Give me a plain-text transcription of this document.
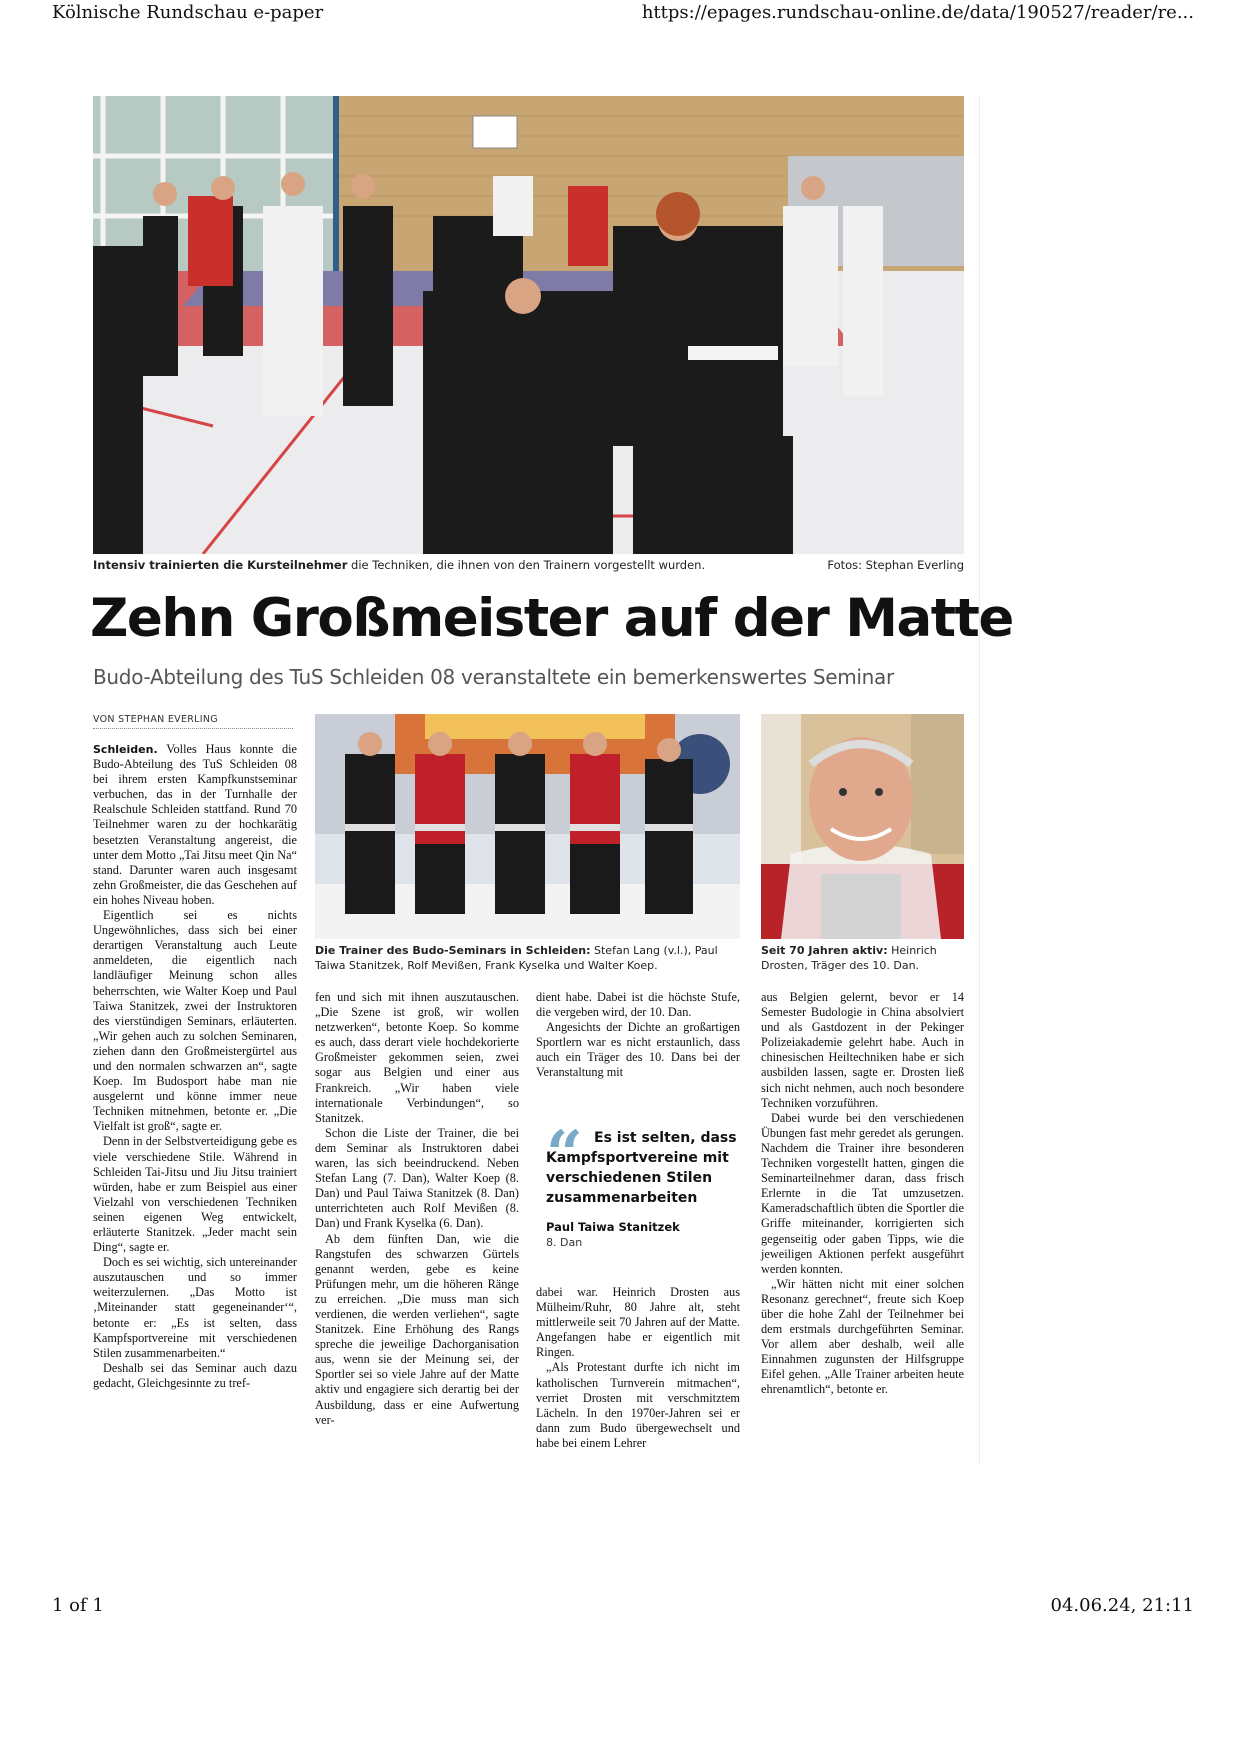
Kölnische Rundschau e-paper	https://epages.rundschau-online.de/data/190527/reader/re...
Intensiv trainierten die Kursteilnehmer die Techniken, die ihnen von den Trainern vorgestellt wurden.	Fotos: Stephan Everling
Zehn Großmeister auf der Matte
Budo-Abteilung des TuS Schleiden 08 veranstaltete ein bemerkenswertes Seminar
VON STEPHAN EVERLING

Schleiden. Volles Haus konnte die Budo-Abteilung des TuS Schleiden 08 bei ihrem ersten Kampfkunstseminar verbuchen, das in der Turnhalle der Realschule Schleiden stattfand. Rund 70 Teilnehmer waren zu der hochkarätig besetzten Veranstaltung angereist, die unter dem Motto „Tai Jitsu meet Qin Na“ stand. Darunter waren auch insgesamt zehn Großmeister, die das Geschehen auf ein hohes Niveau hoben.

Eigentlich sei es nichts Ungewöhnliches, dass sich bei einer derartigen Veranstaltung auch Leute anmeldeten, die eigentlich nach landläufiger Meinung schon alles beherrschten, wie Walter Koep und Paul Taiwa Stanitzek, zwei der Instruktoren des vierstündigen Seminars, erläuterten. „Wir gehen auch zu solchen Seminaren, ziehen dann den Großmeistergürtel aus und den normalen schwarzen an“, sagte Koep. Im Budosport habe man nie ausgelernt und könne immer neue Techniken mitnehmen, betonte er. „Die Vielfalt ist groß“, sagte er.

Denn in der Selbstverteidigung gebe es viele verschiedene Stile. Während in Schleiden Tai-Jitsu und Jiu Jitsu trainiert würden, habe er zum Beispiel aus einer Vielzahl von verschiedenen Techniken seinen eigenen Weg entwickelt, erläuterte Stanitzek. „Jeder macht sein Ding“, sagte er.

Doch es sei wichtig, sich untereinander auszutauschen und so immer weiterzulernen. „Das Motto ist ‚Miteinander statt gegeneinander‘“, betonte er: „Es ist selten, dass Kampfsportvereine mit verschiedenen Stilen zusammenarbeiten.“

Deshalb sei das Seminar auch dazu gedacht, Gleichgesinnte zu tref-

Die Trainer des Budo-Seminars in Schleiden: Stefan Lang (v.l.), Paul Taiwa Stanitzek, Rolf Mevißen, Frank Kyselka und Walter Koep.
Seit 70 Jahren aktiv: Heinrich Drosten, Träger des 10. Dan.

fen und sich mit ihnen auszutauschen. „Die Szene ist groß, wir wollen netzwerken“, betonte Koep. So komme es auch, dass derart viele hochdekorierte Großmeister gekommen seien, zwei sogar aus Belgien und einer aus Frankreich. „Wir haben viele internationale Verbindungen“, so Stanitzek.

Schon die Liste der Trainer, die bei dem Seminar als Instruktoren dabei waren, las sich beeindruckend. Neben Stefan Lang (7. Dan), Walter Koep (8. Dan) und Paul Taiwa Stanitzek (8. Dan) unterrichteten auch Rolf Mevißen (8. Dan) und Frank Kyselka (6. Dan).

Ab dem fünften Dan, wie die Rangstufen des schwarzen Gürtels genannt werden, gebe es keine Prüfungen mehr, um die höheren Ränge zu erreichen. „Die muss man sich verdienen, die werden verliehen“, sagte Stanitzek. Eine Erhöhung des Rangs spreche die jeweilige Dachorganisation aus, wenn sie der Meinung sei, der Sportler sei so viele Jahre auf der Matte aktiv und engagiere sich derartig bei der Ausbildung, dass er eine Aufwertung ver-

dient habe. Dabei ist die höchste Stufe, die vergeben wird, der 10. Dan.

Angesichts der Dichte an großartigen Sportlern war es nicht erstaunlich, dass auch ein Träger des 10. Dans bei der Veranstaltung mit

“ Es ist selten, dass Kampfsportvereine mit verschiedenen Stilen zusammenarbeiten
Paul Taiwa Stanitzek
8. Dan

dabei war. Heinrich Drosten aus Mülheim/Ruhr, 80 Jahre alt, steht mittlerweile seit 70 Jahren auf der Matte. Angefangen habe er eigentlich mit Ringen.

„Als Protestant durfte ich nicht im katholischen Turnverein mitmachen“, verriet Drosten mit verschmitztem Lächeln. In den 1970er-Jahren sei er dann zum Budo übergewechselt und habe bei einem Lehrer

aus Belgien gelernt, bevor er 14 Semester Budologie in China absolviert und als Gastdozent in der Pekinger Polizeiakademie gelehrt habe. Auch in chinesischen Heiltechniken habe er sich ausbilden lassen, sagte er. Drosten ließ sich nicht nehmen, auch noch besondere Techniken vorzuführen.

Dabei wurde bei den verschiedenen Übungen fast mehr geredet als gerungen. Nachdem die Trainer ihre besonderen Techniken vorgestellt hatten, gingen die Seminarteilnehmer daran, dass frisch Erlernte in die Tat umzusetzen. Kameradschaftlich übten die Sportler die Griffe miteinander, korrigierten sich gegenseitig oder gaben Tipps, wie die jeweiligen Aktionen perfekt ausgeführt werden konnten.

„Wir hätten nicht mit einer solchen Resonanz gerechnet“, freute sich Koep über die hohe Zahl der Teilnehmer bei dem erstmals durchgeführten Seminar. Vor allem aber deshalb, weil alle Einnahmen zugunsten der Hilfsgruppe Eifel gehen. „Alle Trainer arbeiten heute ehrenamtlich“, betonte er.

1 of 1	04.06.24, 21:11
